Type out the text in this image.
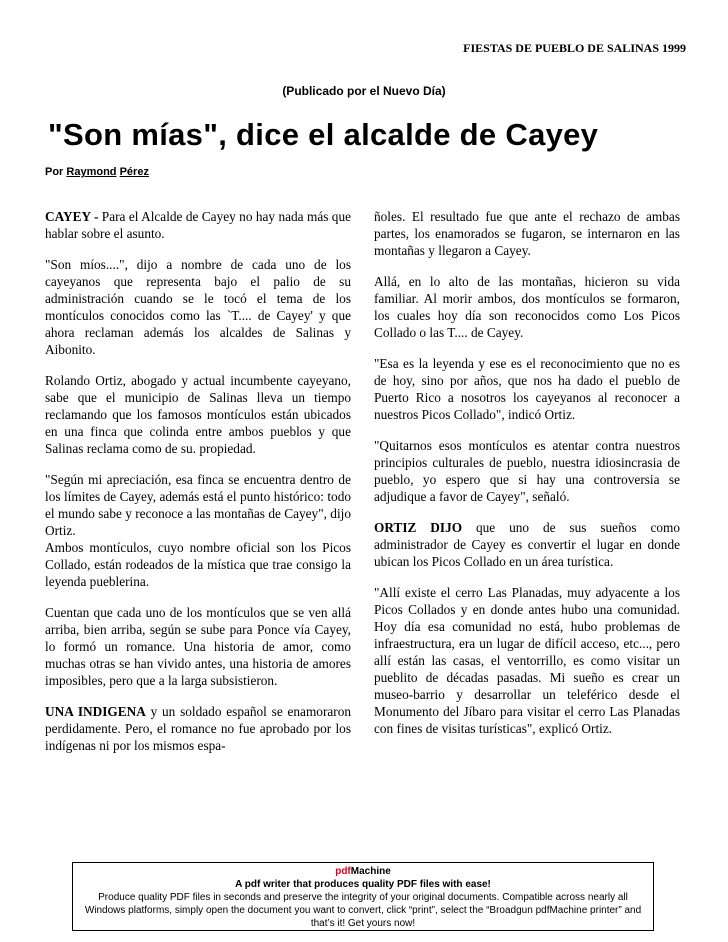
FIESTAS DE PUEBLO DE SALINAS 1999
(Publicado por el Nuevo Día)
"Son mías", dice el alcalde de Cayey
Por Raymond Pérez

CAYEY - Para el Alcalde de Cayey no hay nada más que hablar sobre el asunto.

"Son míos....", dijo a nombre de cada uno de los cayeyanos que representa bajo el palio de su administración cuando se le tocó el tema de los montículos conocidos como las `T.... de Cayey' y que ahora reclaman además los alcaldes de Salinas y Aibonito.

Rolando Ortiz, abogado y actual incumbente cayeyano, sabe que el municipio de Salinas lleva un tiempo reclamando que los famosos montículos están ubicados en una finca que colinda entre ambos pueblos y que Salinas reclama como de su. propiedad.

"Según mi apreciación, esa finca se encuentra dentro de los límites de Cayey, además está el punto histórico: todo el mundo sabe y reconoce a las montañas de Cayey", dijo Ortiz.

Ambos montículos, cuyo nombre oficial son los Picos Collado, están rodeados de la mística que trae consigo la leyenda pueblerina.

Cuentan que cada uno de los montículos que se ven allá arriba, bien arriba, según se sube para Ponce vía Cayey, lo formó un romance. Una historia de amor, como muchas otras se han vivido antes, una historia de amores imposibles, pero que a la larga subsistieron.

UNA INDIGENA y un soldado español se enamoraron perdidamente. Pero, el romance no fue aprobado por los indígenas ni por los mismos espa-

ñoles. El resultado fue que ante el rechazo de ambas partes, los enamorados se fugaron, se internaron en las montañas y llegaron a Cayey.

Allá, en lo alto de las montañas, hicieron su vida familiar. Al morir ambos, dos montículos se formaron, los cuales hoy día son reconocidos como Los Picos Collado o las T.... de Cayey.

"Esa es la leyenda y ese es el reconocimiento que no es de hoy, sino por años, que nos ha dado el pueblo de Puerto Rico a nosotros los cayeyanos al reconocer a nuestros Picos Collado", indicó Ortiz.

"Quitarnos esos montículos es atentar contra nuestros principios culturales de pueblo, nuestra idiosincrasia de pueblo, yo espero que si hay una controversia se adjudique a favor de Cayey", señaló.

ORTIZ DIJO que uno de sus sueños como administrador de Cayey es convertir el lugar en donde ubican los Picos Collado en un área turística.

"Allí existe el cerro Las Planadas, muy adyacente a los Picos Collados y en donde antes hubo una comunidad. Hoy día esa comunidad no está, hubo problemas de infraestructura, era un lugar de difícil acceso, etc..., pero allí están las casas, el ventorrillo, es como visitar un pueblito de décadas pasadas. Mi sueño es crear un museo-barrio y desarrollar un teleférico desde el Monumento del Jíbaro para visitar el cerro Las Planadas con fines de visitas turísticas", explicó Ortiz.

pdfMachine
A pdf writer that produces quality PDF files with ease!
Produce quality PDF files in seconds and preserve the integrity of your original documents. Compatible across nearly all Windows platforms, simply open the document you want to convert, click “print”, select the “Broadgun pdfMachine printer” and that’s it! Get yours now!
